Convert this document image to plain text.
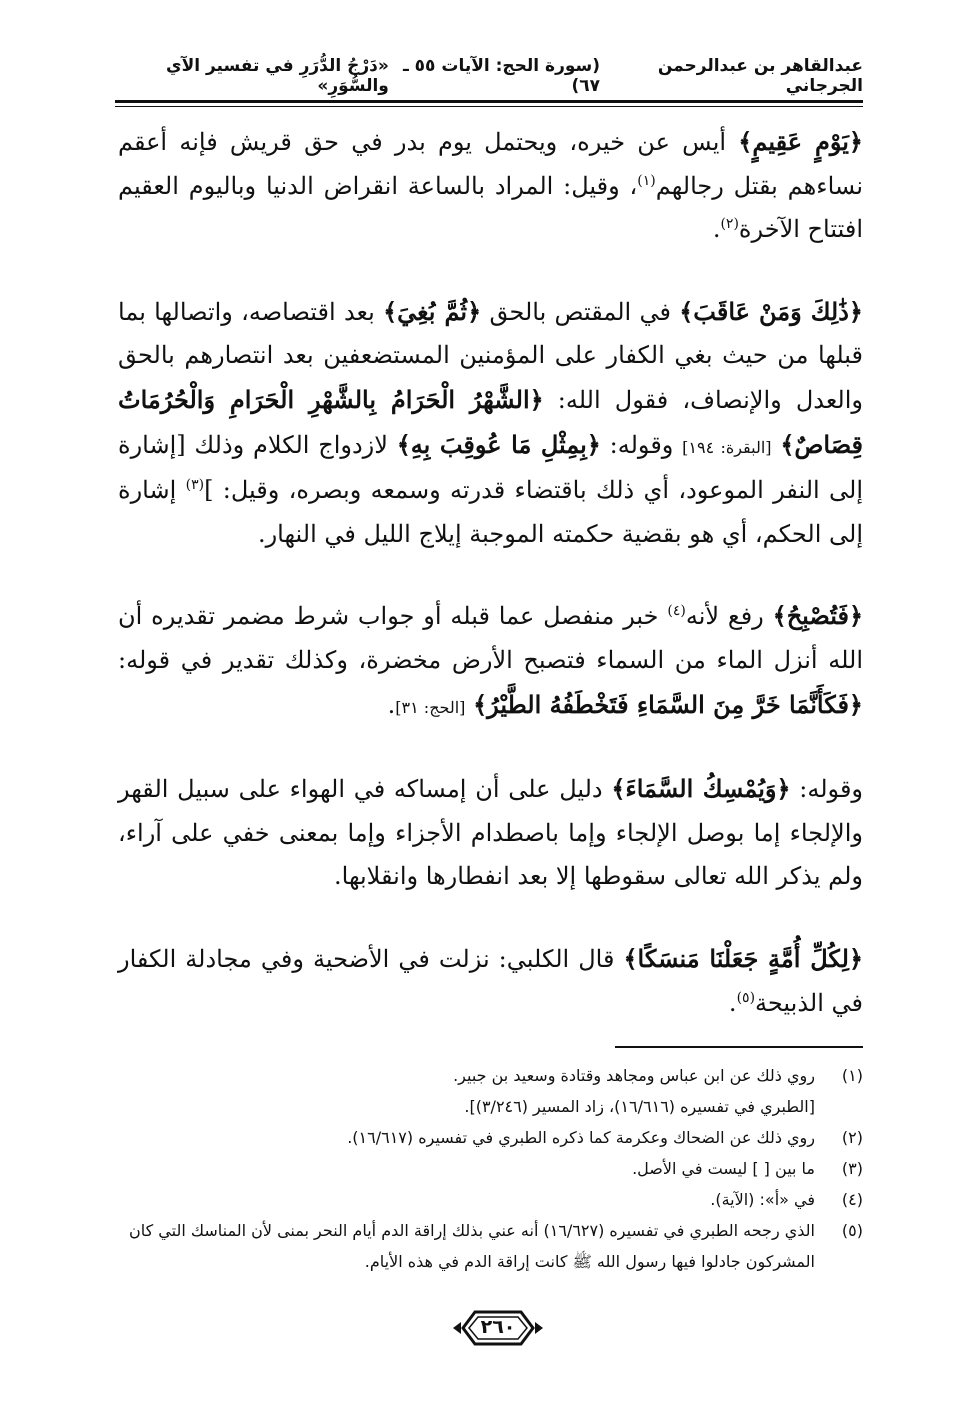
عبدالقاهر بن عبدالرحمن الجرجاني
(سورة الحج: الآيات ٥٥ ـ ٦٧)
«دَرْجُ الدُّرَرِ في تفسير الآي والسُّوَرِ»

﴿يَوْمٍ عَقِيمٍ﴾ أيس عن خيره، ويحتمل يوم بدر في حق قريش فإنه أعقم نساءهم بقتل رجالهم$^{(١)}$، وقيل: المراد بالساعة انقراض الدنيا وباليوم العقيم افتتاح الآخرة$^{(٢)}$.

﴿ذَٰلِكَ وَمَنْ عَاقَبَ﴾ في المقتص بالحق ﴿ثُمَّ بُغِيَ﴾ بعد اقتصاصه، واتصالها بما قبلها من حيث بغي الكفار على المؤمنين المستضعفين بعد انتصارهم بالحق والعدل والإنصاف، فقول الله: ﴿الشَّهْرُ الْحَرَامُ بِالشَّهْرِ الْحَرَامِ وَالْحُرُمَاتُ قِصَاصٌ﴾ [البقرة: ١٩٤] وقوله: ﴿بِمِثْلِ مَا عُوقِبَ بِهِ﴾ لازدواج الكلام وذلك [إشارة إلى النفر الموعود، أي ذلك باقتضاء قدرته وسمعه وبصره، وقيل: ]$^{(٣)}$ إشارة إلى الحكم، أي هو بقضية حكمته الموجبة إيلاج الليل في النهار.

﴿فَتُصْبِحُ﴾ رفع لأنه$^{(٤)}$ خبر منفصل عما قبله أو جواب شرط مضمر تقديره أن الله أنزل الماء من السماء فتصبح الأرض مخضرة، وكذلك تقدير في قوله: ﴿فَكَأَنَّمَا خَرَّ مِنَ السَّمَاءِ فَتَخْطَفُهُ الطَّيْرُ﴾ [الحج: ٣١].

وقوله: ﴿وَيُمْسِكُ السَّمَاءَ﴾ دليل على أن إمساكه في الهواء على سبيل القهر والإلجاء إما بوصل الإلجاء وإما باصطدام الأجزاء وإما بمعنى خفي على آراء، ولم يذكر الله تعالى سقوطها إلا بعد انفطارها وانقلابها.

﴿لِكُلِّ أُمَّةٍ جَعَلْنَا مَنسَكًا﴾ قال الكلبي: نزلت في الأضحية وفي مجادلة الكفار في الذبيحة$^{(٥)}$.

(١)
روي ذلك عن ابن عباس ومجاهد وقتادة وسعيد بن جبير.
[الطبري في تفسيره (١٦/٦١٦)، زاد المسير (٣/٢٤٦)].
(٢)
روي ذلك عن الضحاك وعكرمة كما ذكره الطبري في تفسيره (١٦/٦١٧).
(٣)
ما بين [ ] ليست في الأصل.
(٤)
في «أ»: (الآية).
(٥)
الذي رجحه الطبري في تفسيره (١٦/٦٢٧) أنه عني بذلك إراقة الدم أيام النحر بمنى لأن المناسك التي كان المشركون جادلوا فيها رسول الله ﷺ كانت إراقة الدم في هذه الأيام.
٢٦٠
